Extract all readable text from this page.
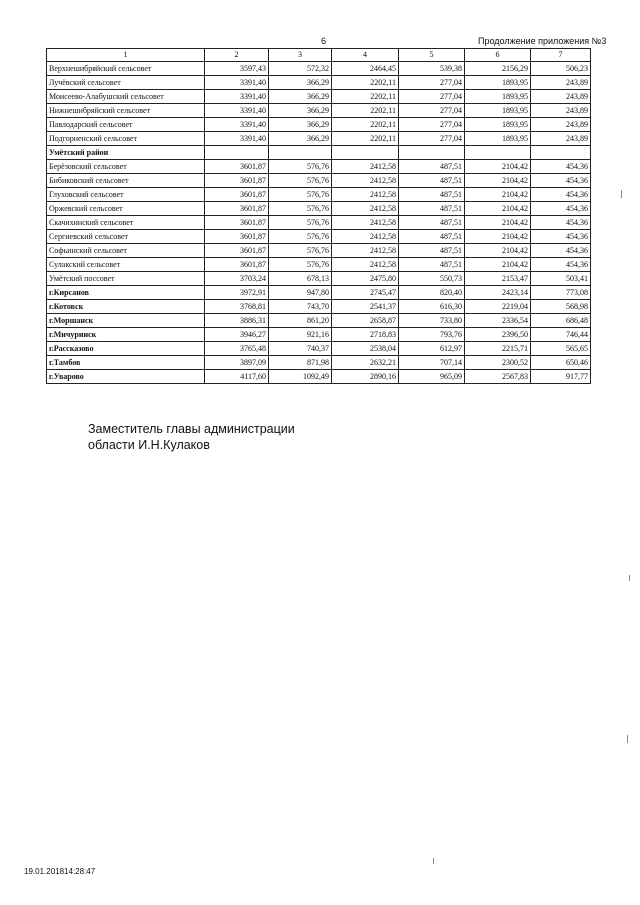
6	Продолжение приложения №3
1	2	3	4	5	6	7
Верхнешибряйский сельсовет	3597,43	572,32	2464,45	539,38	2156,29	506,23
Лучёвский сельсовет	3391,40	366,29	2202,11	277,04	1893,95	243,89
Моисеево-Алабушский сельсовет	3391,40	366,29	2202,11	277,04	1893,95	243,89
Нижнешибряйский сельсовет	3391,40	366,29	2202,11	277,04	1893,95	243,89
Павлодарский сельсовет	3391,40	366,29	2202,11	277,04	1893,95	243,89
Подгорненский сельсовет	3391,40	366,29	2202,11	277,04	1893,95	243,89
Умётский район						
Берёзовский сельсовет	3601,87	576,76	2412,58	487,51	2104,42	454,36
Бибиковский сельсовет	3601,87	576,76	2412,58	487,51	2104,42	454,36
Глуховский сельсовет	3601,87	576,76	2412,58	487,51	2104,42	454,36
Оржевский сельсовет	3601,87	576,76	2412,58	487,51	2104,42	454,36
Скачихинский сельсовет	3601,87	576,76	2412,58	487,51	2104,42	454,36
Сергиевский сельсовет	3601,87	576,76	2412,58	487,51	2104,42	454,36
Софьинский сельсовет	3601,87	576,76	2412,58	487,51	2104,42	454,36
Сулакский сельсовет	3601,87	576,76	2412,58	487,51	2104,42	454,36
Умётский поссовет	3703,24	678,13	2475,80	550,73	2153,47	503,41
г.Кирсанов	3972,91	947,80	2745,47	820,40	2423,14	773,08
г.Котовск	3768,81	743,70	2541,37	616,30	2219,04	568,98
г.Моршанск	3886,31	861,20	2658,87	733,80	2336,54	686,48
г.Мичуринск	3946,27	921,16	2718,83	793,76	2396,50	746,44
г.Рассказово	3765,48	740,37	2538,04	612,97	2215,71	565,65
г.Тамбов	3897,09	871,98	2632,21	707,14	2300,52	650,46
г.Уварово	4117,60	1092,49	2890,16	965,09	2567,83	917,77
Заместитель главы администрации
области И.Н.Кулаков
19.01.201814:28:47
